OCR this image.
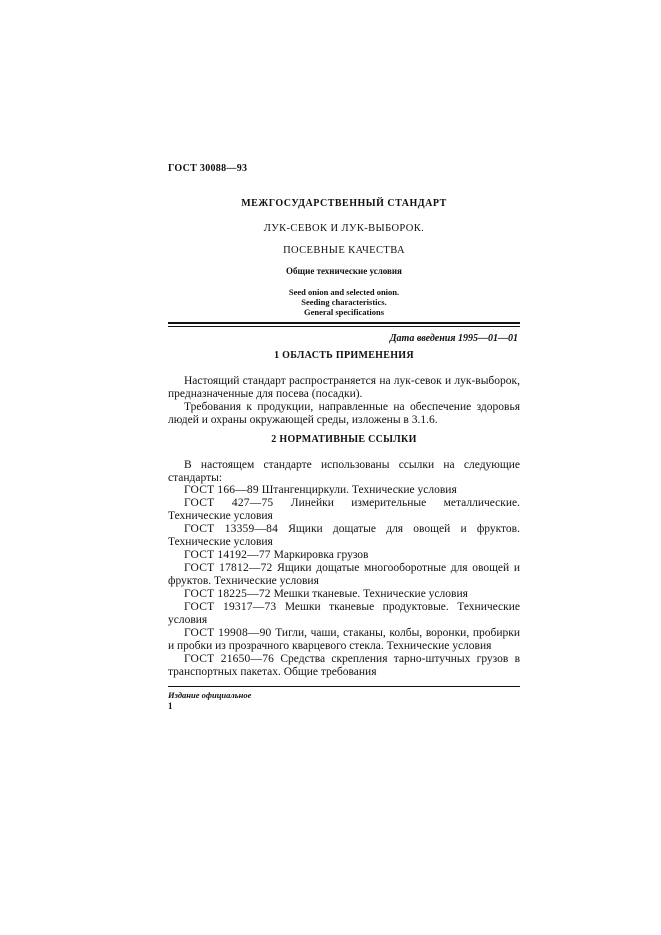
ГОСТ 30088—93
МЕЖГОСУДАРСТВЕННЫЙ СТАНДАРТ
ЛУК-СЕВОК И ЛУК-ВЫБОРОК.
ПОСЕВНЫЕ КАЧЕСТВА
Общие технические условия
Seed onion and selected onion.
Seeding characteristics.
General specifications
Дата введения 1995—01—01
1 ОБЛАСТЬ ПРИМЕНЕНИЯ

Настоящий стандарт распространяется на лук-севок и лук-выборок, предназначенные для посева (посадки).

Требования к продукции, направленные на обеспечение здоровья людей и охраны окружающей среды, изложены в 3.1.6.

2 НОРМАТИВНЫЕ ССЫЛКИ

В настоящем стандарте использованы ссылки на следующие стандарты:

ГОСТ 166—89 Штангенциркули. Технические условия

ГОСТ 427—75 Линейки измерительные металлические. Технические условия

ГОСТ 13359—84 Ящики дощатые для овощей и фруктов. Технические условия

ГОСТ 14192—77 Маркировка грузов

ГОСТ 17812—72 Ящики дощатые многооборотные для овощей и фруктов. Технические условия

ГОСТ 18225—72 Мешки тканевые. Технические условия

ГОСТ 19317—73 Мешки тканевые продуктовые. Технические условия

ГОСТ 19908—90 Тигли, чаши, стаканы, колбы, воронки, пробирки и пробки из прозрачного кварцевого стекла. Технические условия

ГОСТ 21650—76 Средства скрепления тарно-штучных грузов в транспортных пакетах. Общие требования

Издание официальное
1
